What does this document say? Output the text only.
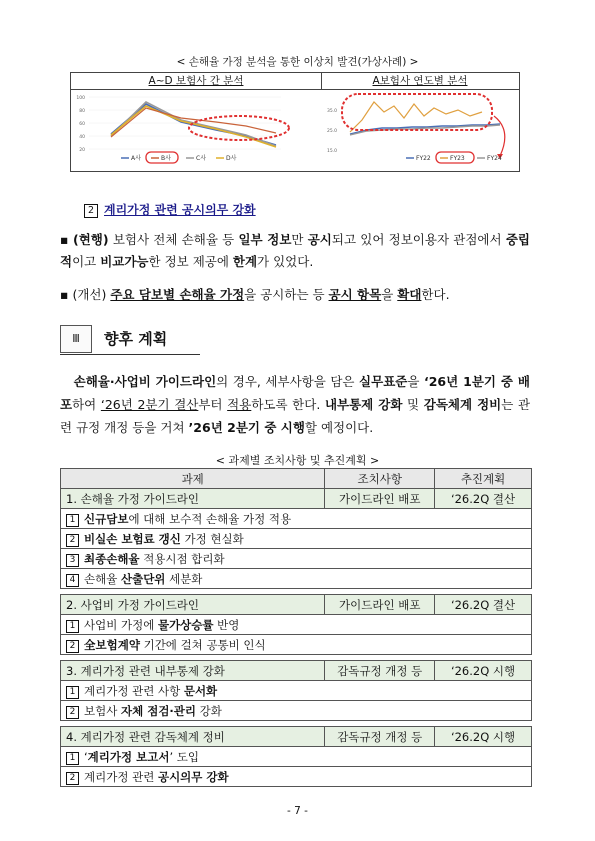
< 손해율 가정 분석을 통한 이상치 발견(가상사례) >
A~D 보험사 간 분석	A보험사 연도별 분석
100
80
60
40
20
A사	B사	C사	D사
35.0
25.0
15.0
FY22	FY23	FY24
2 계리가정 관련 공시의무 강화
▪ (현행) 보험사 전체 손해율 등 일부 정보만 공시되고 있어 정보이용자 관점에서 중립적이고 비교가능한 정보 제공에 한계가 있었다.
▪ (개선) 주요 담보별 손해율 가정을 공시하는 등 공시 항목을 확대한다.
Ⅲ	향후 계획
손해율·사업비 가이드라인의 경우, 세부사항을 담은 실무표준을 ‘26년 1분기 중 배포하여 ‘26년 2분기 결산부터 적용하도록 한다. 내부통제 강화 및 감독체계 정비는 관련 규정 개정 등을 거쳐 ’26년 2분기 중 시행할 예정이다.
< 과제별 조치사항 및 추진계획 >
과제	조치사항	추진계획
1. 손해율 가정 가이드라인	가이드라인 배포	‘26.2Q 결산
1 신규담보에 대해 보수적 손해율 가정 적용		
2 비실손 보험료 갱신 가정 현실화		
3 최종손해율 적용시점 합리화		
4 손해율 산출단위 세분화		

2. 사업비 가정 가이드라인	가이드라인 배포	‘26.2Q 결산
1 사업비 가정에 물가상승률 반영		
2 全보험계약 기간에 걸쳐 공통비 인식		

3. 계리가정 관련 내부통제 강화	감독규정 개정 등	‘26.2Q 시행
1 계리가정 관련 사항 문서화		
2 보험사 자체 점검·관리 강화		

4. 계리가정 관련 감독체계 정비	감독규정 개정 등	‘26.2Q 시행
1 ‘계리가정 보고서’ 도입		
2 계리가정 관련 공시의무 강화		
- 7 -
